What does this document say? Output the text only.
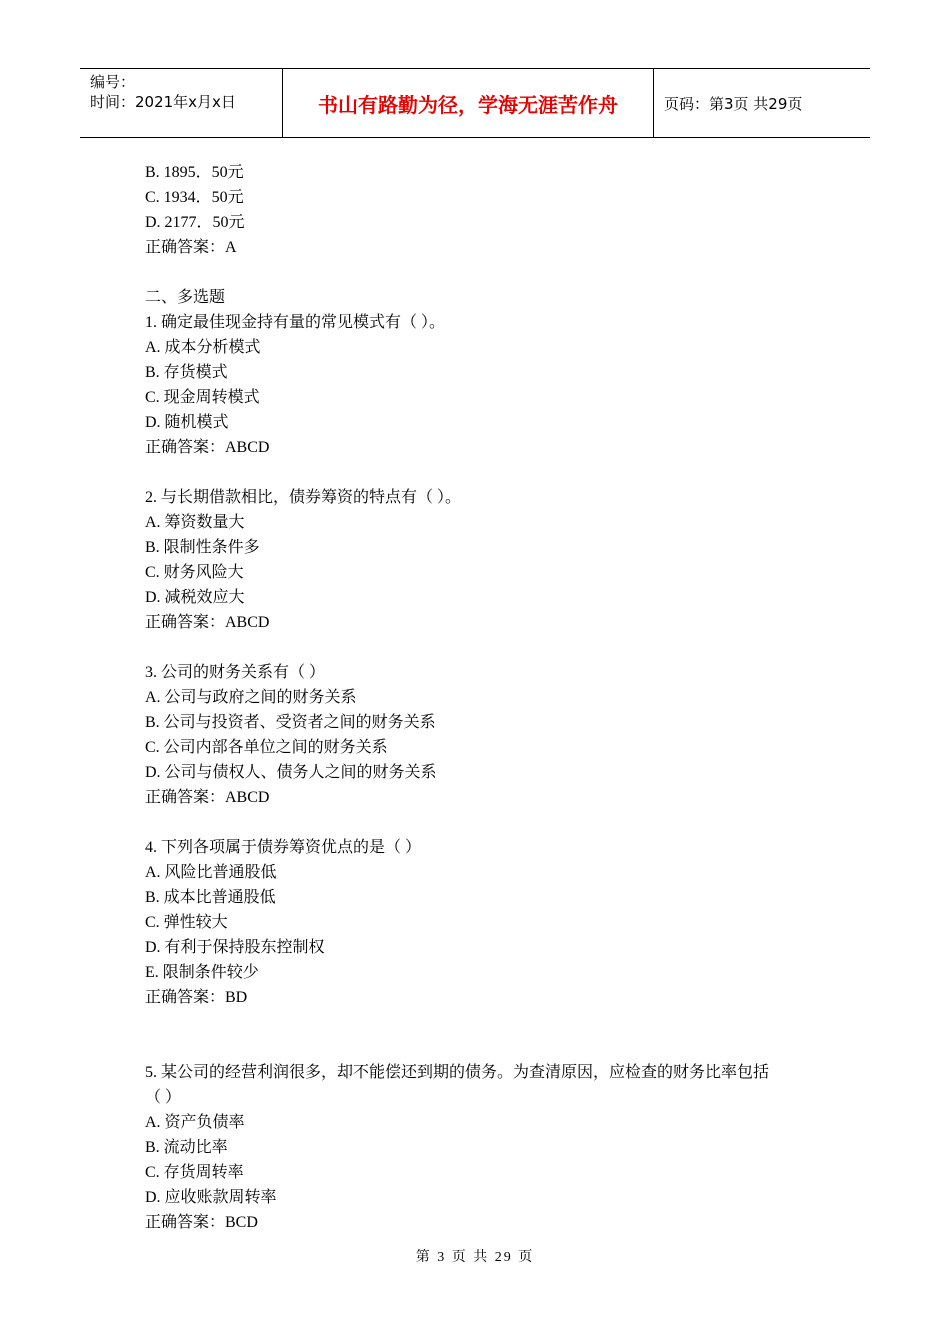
编号：
时间：2021年x月x日	书山有路勤为径，学海无涯苦作舟	页码：第3页 共29页
B. 1895．50元
C. 1934．50元
D. 2177．50元
正确答案：A
二、多选题
1. 确定最佳现金持有量的常见模式有（ ）。
A. 成本分析模式
B. 存货模式
C. 现金周转模式
D. 随机模式
正确答案：ABCD
2. 与长期借款相比，债券筹资的特点有（ ）。
A. 筹资数量大
B. 限制性条件多
C. 财务风险大
D. 减税效应大
正确答案：ABCD
3. 公司的财务关系有（ ）
A. 公司与政府之间的财务关系
B. 公司与投资者、受资者之间的财务关系
C. 公司内部各单位之间的财务关系
D. 公司与债权人、债务人之间的财务关系
正确答案：ABCD
4. 下列各项属于债券筹资优点的是（ ）
A. 风险比普通股低
B. 成本比普通股低
C. 弹性较大
D. 有利于保持股东控制权
E. 限制条件较少
正确答案：BD
5. 某公司的经营利润很多，却不能偿还到期的债务。为查清原因，应检查的财务比率包括
（ ）
A. 资产负债率
B. 流动比率
C. 存货周转率
D. 应收账款周转率
正确答案：BCD
第 3 页 共 29 页
